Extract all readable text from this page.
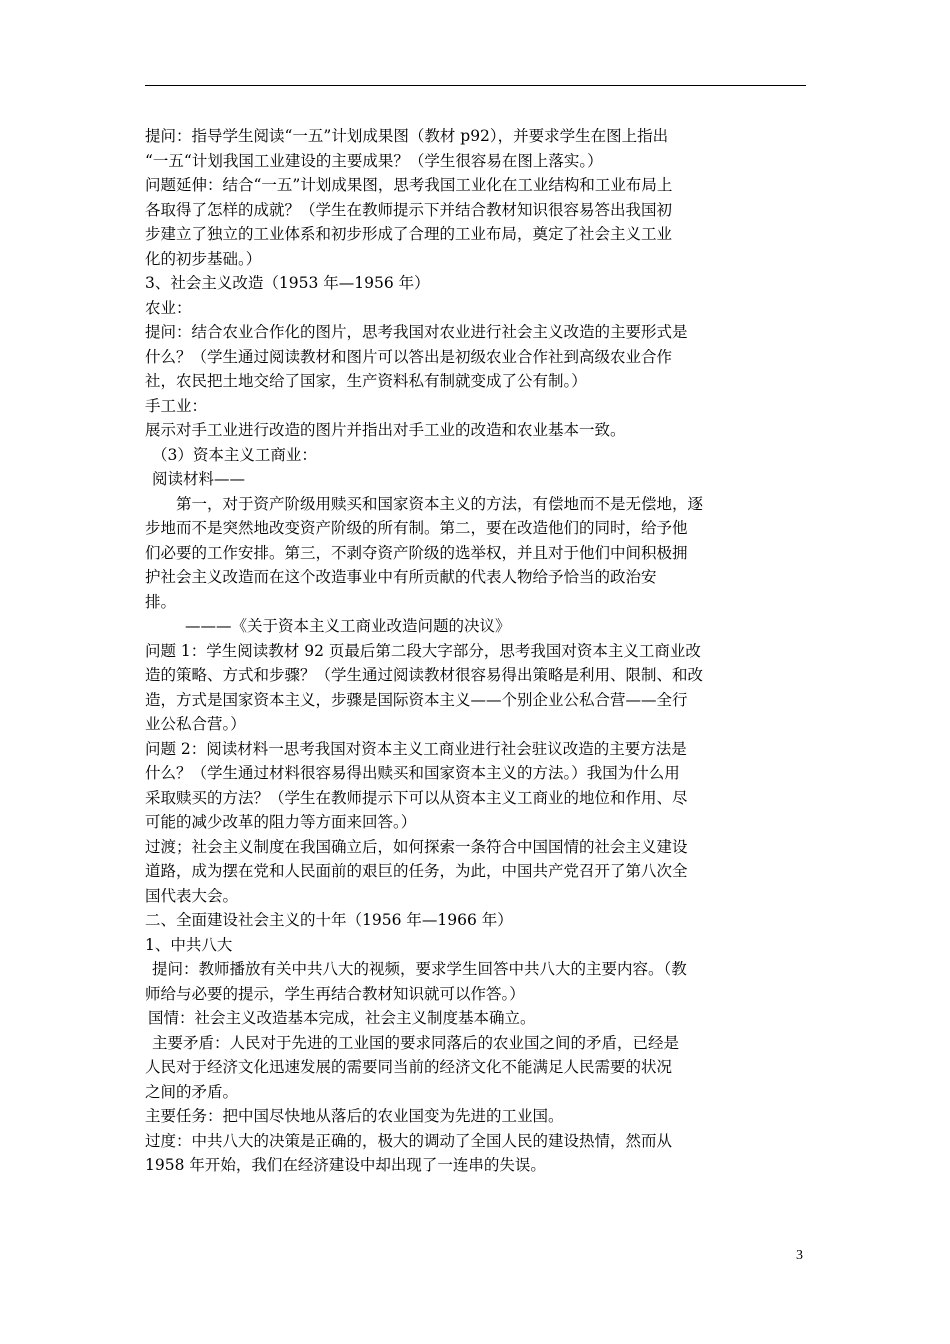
提问：指导学生阅读“一五”计划成果图（教材 p92），并要求学生在图上指出

“一五“计划我国工业建设的主要成果？（学生很容易在图上落实。）

问题延伸：结合“一五”计划成果图，思考我国工业化在工业结构和工业布局上

各取得了怎样的成就？（学生在教师提示下并结合教材知识很容易答出我国初

步建立了独立的工业体系和初步形成了合理的工业布局，奠定了社会主义工业

化的初步基础。）

3、社会主义改造（1953 年—1956 年）

农业：

提问：结合农业合作化的图片，思考我国对农业进行社会主义改造的主要形式是

什么？（学生通过阅读教材和图片可以答出是初级农业合作社到高级农业合作

社，农民把土地交给了国家，生产资料私有制就变成了公有制。）

手工业：

展示对手工业进行改造的图片并指出对手工业的改造和农业基本一致。

（3）资本主义工商业：

阅读材料——

第一，对于资产阶级用赎买和国家资本主义的方法，有偿地而不是无偿地，逐

步地而不是突然地改变资产阶级的所有制。第二，要在改造他们的同时，给予他

们必要的工作安排。第三，不剥夺资产阶级的选举权，并且对于他们中间积极拥

护社会主义改造而在这个改造事业中有所贡献的代表人物给予恰当的政治安

排。

———《关于资本主义工商业改造问题的决议》

问题 1：学生阅读教材 92 页最后第二段大字部分，思考我国对资本主义工商业改

造的策略、方式和步骤？（学生通过阅读教材很容易得出策略是利用、限制、和改

造，方式是国家资本主义，步骤是国际资本主义——个别企业公私合营——全行

业公私合营。）

问题 2：阅读材料一思考我国对资本主义工商业进行社会驻议改造的主要方法是

什么？（学生通过材料很容易得出赎买和国家资本主义的方法。）我国为什么用

采取赎买的方法？（学生在教师提示下可以从资本主义工商业的地位和作用、尽

可能的减少改革的阻力等方面来回答。）

过渡；社会主义制度在我国确立后，如何探索一条符合中国国情的社会主义建设

道路，成为摆在党和人民面前的艰巨的任务，为此，中国共产党召开了第八次全

国代表大会。

二、全面建设社会主义的十年（1956 年—1966 年）

1、中共八大

提问：教师播放有关中共八大的视频，要求学生回答中共八大的主要内容。（教

师给与必要的提示，学生再结合教材知识就可以作答。）

国情：社会主义改造基本完成，社会主义制度基本确立。

主要矛盾：人民对于先进的工业国的要求同落后的农业国之间的矛盾，已经是

人民对于经济文化迅速发展的需要同当前的经济文化不能满足人民需要的状况

之间的矛盾。

主要任务：把中国尽快地从落后的农业国变为先进的工业国。

过度：中共八大的决策是正确的，极大的调动了全国人民的建设热情，然而从

1958 年开始，我们在经济建设中却出现了一连串的失误。

3
